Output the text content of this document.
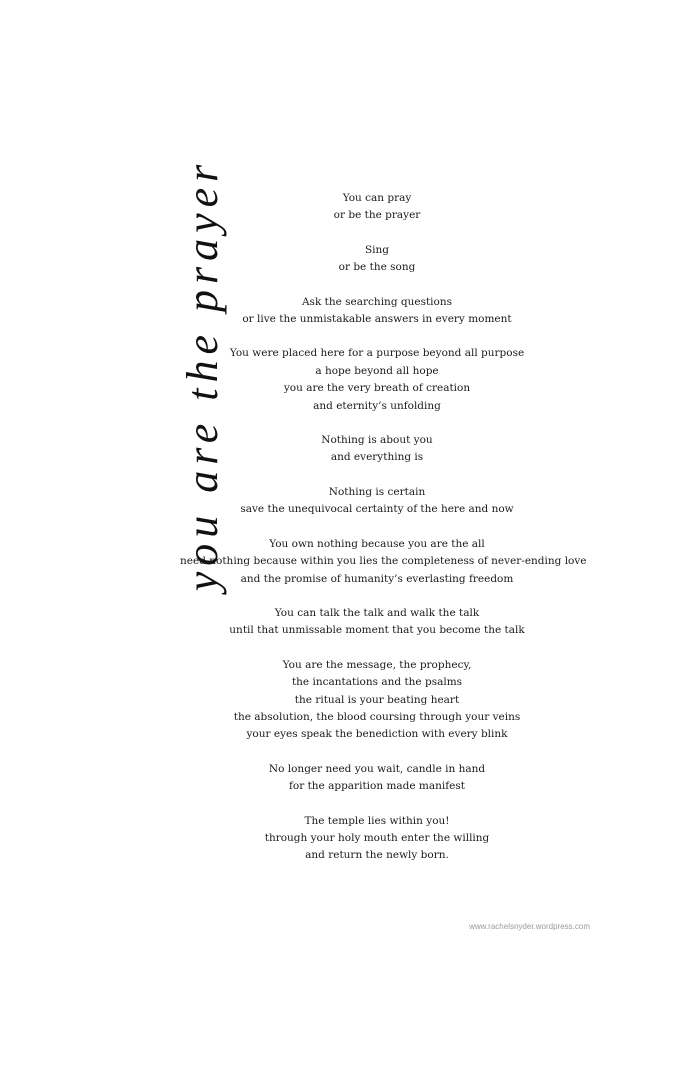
you are the prayer	You can pray
or be the prayer
Sing
or be the song
Ask the searching questions
or live the unmistakable answers in every moment
You were placed here for a purpose beyond all purpose
a hope beyond all hope
you are the very breath of creation
and eternity’s unfolding
Nothing is about you
and everything is
Nothing is certain
save the unequivocal certainty of the here and now
You own nothing because you are the all
need nothing because within you lies the completeness of never-ending love
and the promise of humanity’s everlasting freedom
You can talk the talk and walk the talk
until that unmissable moment that you become the talk
You are the message, the prophecy,
the incantations and the psalms
the ritual is your beating heart
the absolution, the blood coursing through your veins
your eyes speak the benediction with every blink
No longer need you wait, candle in hand
for the apparition made manifest
The temple lies within you!
through your holy mouth enter the willing
and return the newly born.
www.rachelsnyder.wordpress.com
